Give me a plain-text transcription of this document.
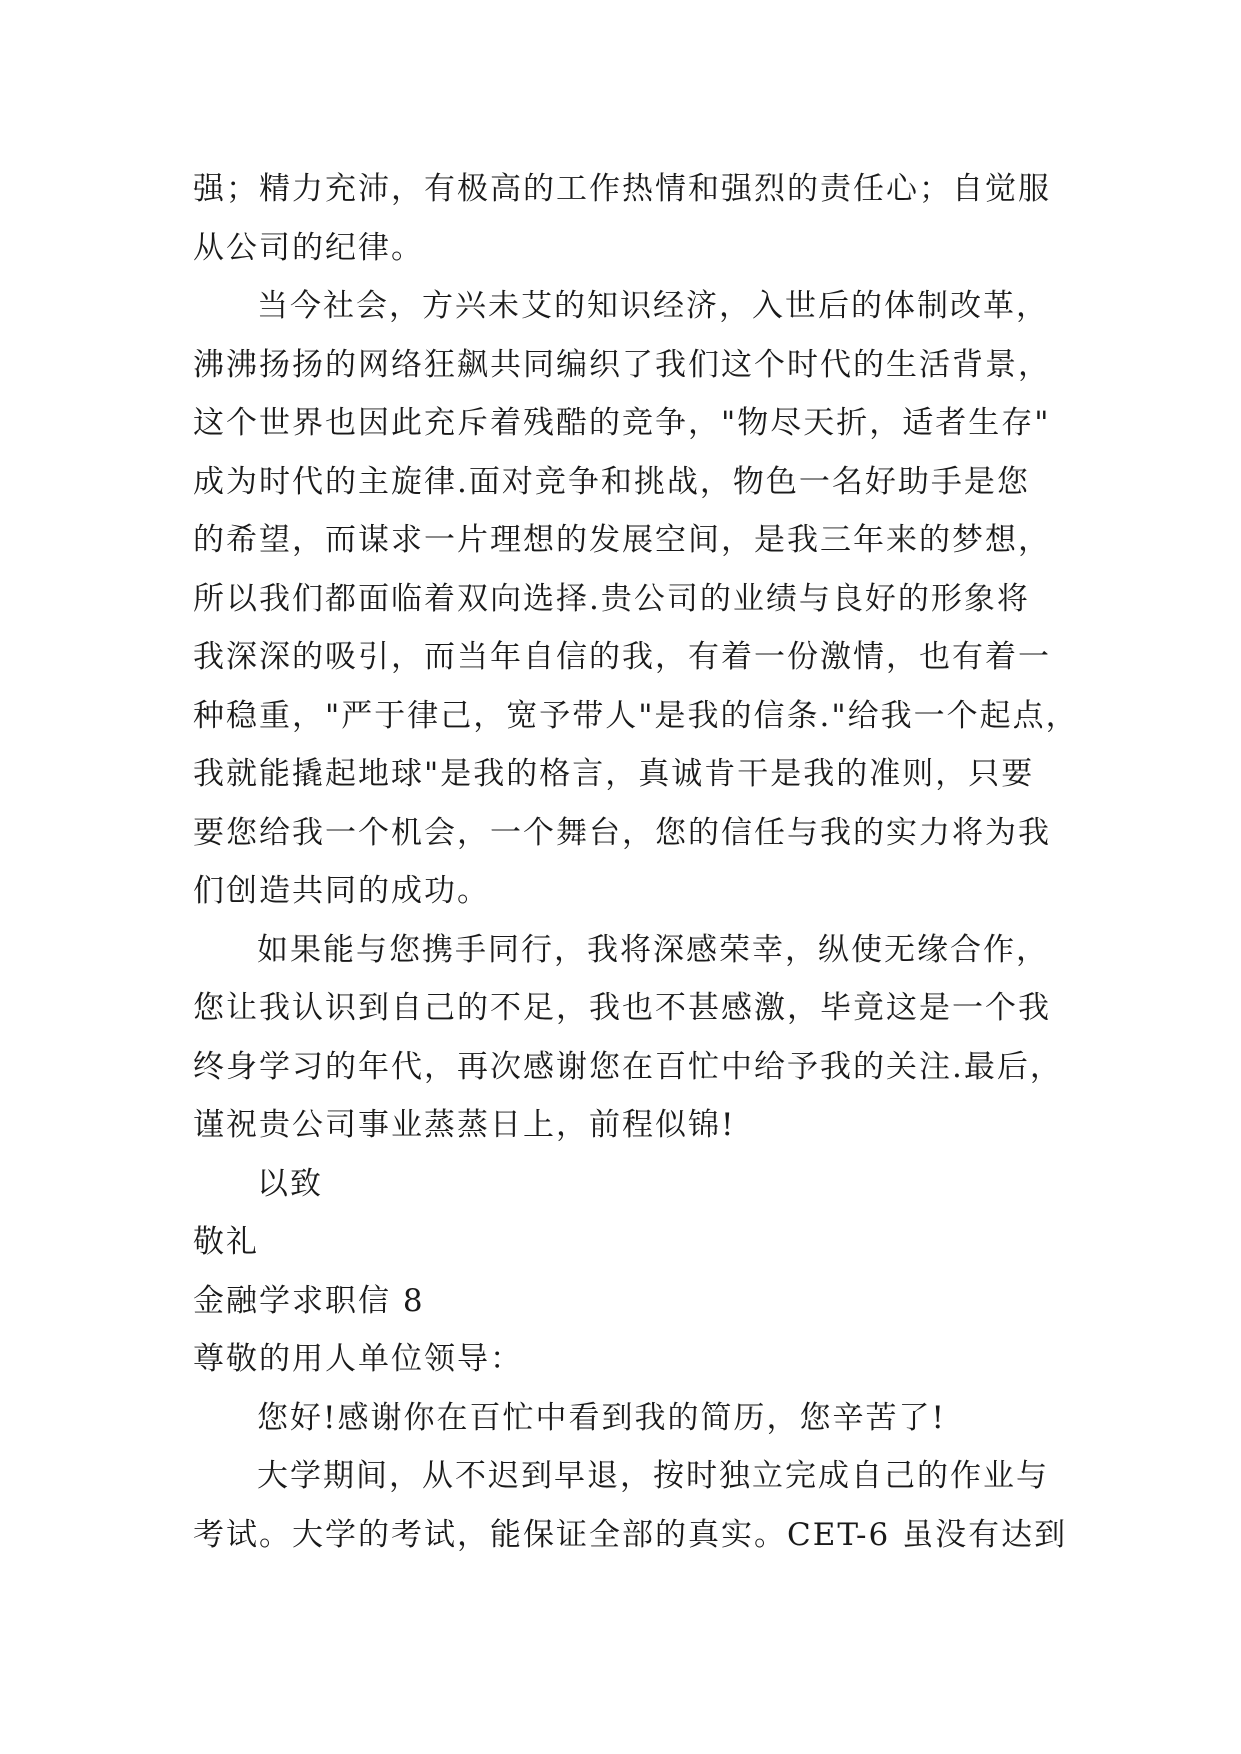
强；精力充沛，有极高的工作热情和强烈的责任心；自觉服
从公司的纪律。
当今社会，方兴未艾的知识经济，入世后的体制改革，
沸沸扬扬的网络狂飙共同编织了我们这个时代的生活背景，
这个世界也因此充斥着残酷的竞争，"物尽天折，适者生存"
成为时代的主旋律.面对竞争和挑战，物色一名好助手是您
的希望，而谋求一片理想的发展空间，是我三年来的梦想，
所以我们都面临着双向选择.贵公司的业绩与良好的形象将
我深深的吸引，而当年自信的我，有着一份激情，也有着一
种稳重，"严于律己，宽予带人"是我的信条."给我一个起点，
我就能撬起地球"是我的格言，真诚肯干是我的准则，只要
要您给我一个机会，一个舞台，您的信任与我的实力将为我
们创造共同的成功。
如果能与您携手同行，我将深感荣幸，纵使无缘合作，
您让我认识到自己的不足，我也不甚感激，毕竟这是一个我
终身学习的年代，再次感谢您在百忙中给予我的关注.最后，
谨祝贵公司事业蒸蒸日上，前程似锦!
以致
敬礼
金融学求职信 8
尊敬的用人单位领导：
您好!感谢你在百忙中看到我的简历，您辛苦了!
大学期间，从不迟到早退，按时独立完成自己的作业与
考试。大学的考试，能保证全部的真实。CET-6 虽没有达到
